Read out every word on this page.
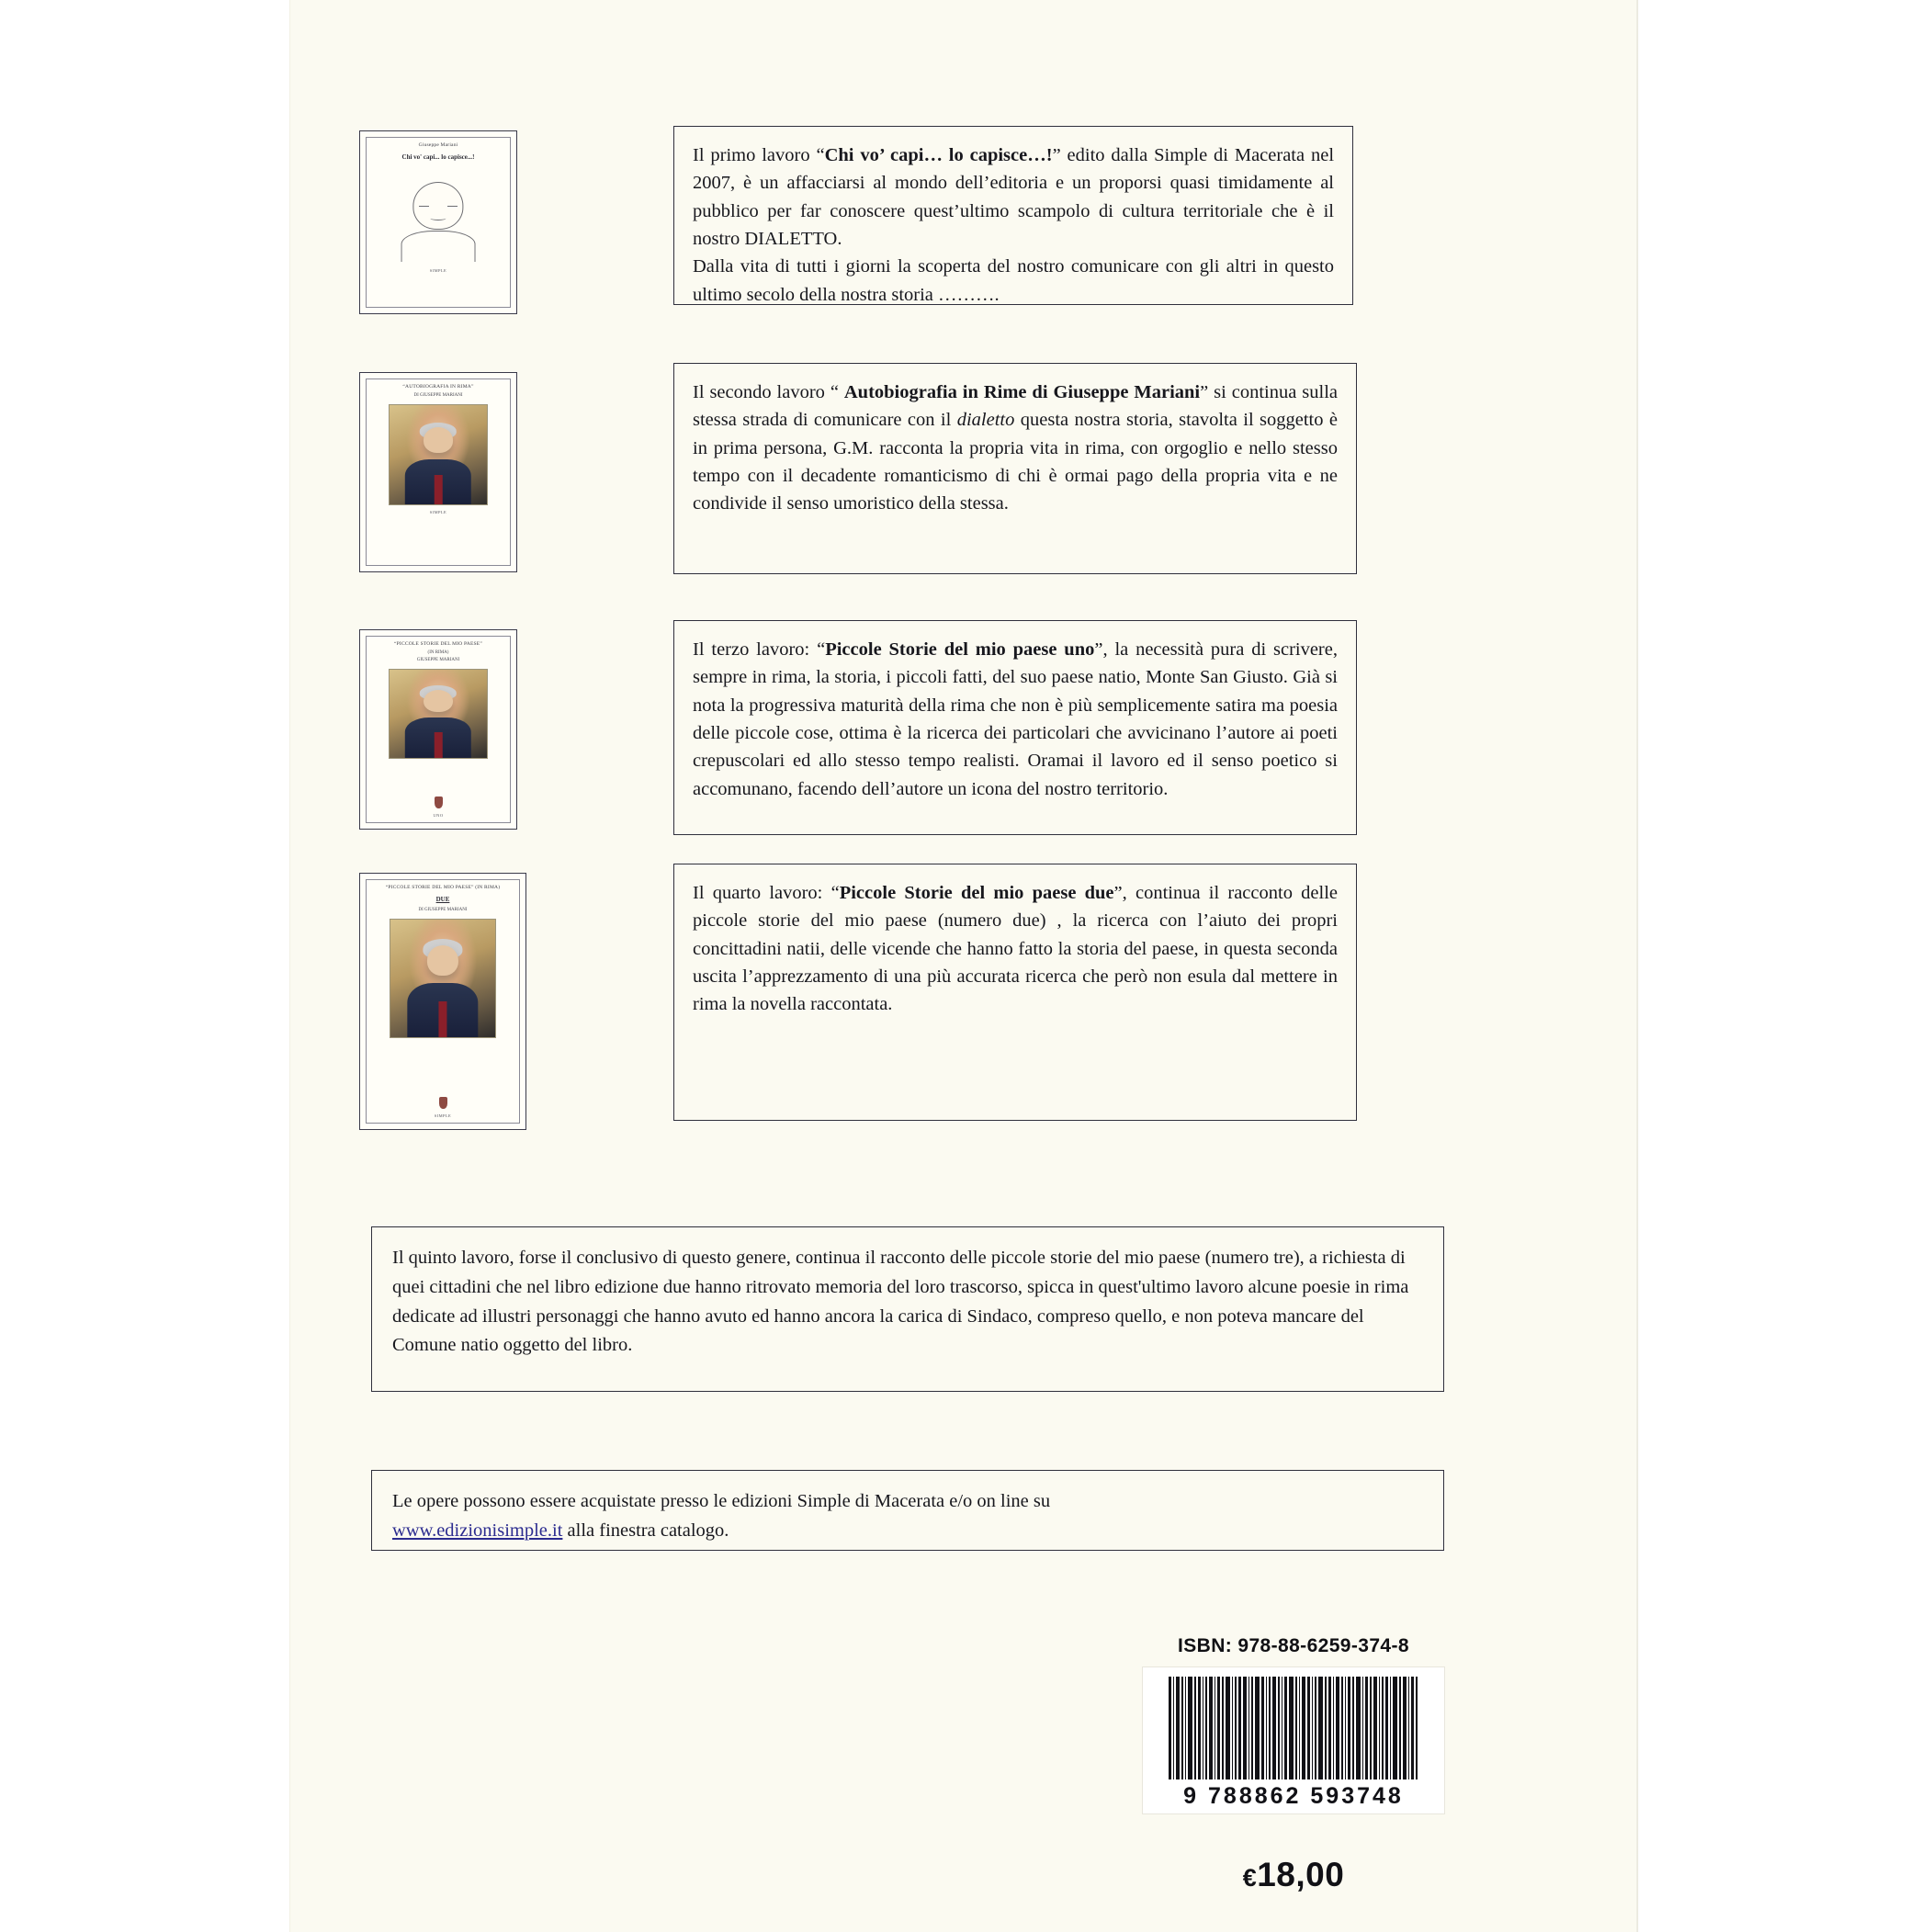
Giuseppe Mariani
Chi vo' capi... lo capisce...!
SIMPLE

Il primo lavoro “Chi vo’ capi… lo capisce…!” edito dalla Simple di Macerata nel 2007, è un affacciarsi al mondo dell’editoria e un proporsi quasi timidamente al pubblico per far conoscere quest’ultimo scampolo di cultura territoriale che è il nostro DIALETTO.
Dalla vita di tutti i giorni la scoperta del nostro comunicare con gli altri in questo ultimo secolo della nostra storia ……….

“AUTOBIOGRAFIA IN RIMA”
DI GIUSEPPE MARIANI
SIMPLE

Il secondo lavoro “ Autobiografia in Rime di Giuseppe Mariani” si continua sulla stessa strada di comunicare con il dialetto questa nostra storia, stavolta il soggetto è in prima persona, G.M. racconta la propria vita in rima, con orgoglio e nello stesso tempo con il decadente romanticismo di chi è ormai pago della propria vita e ne condivide il senso umoristico della stessa.

“PICCOLE STORIE DEL MIO PAESE”
(IN RIMA)
GIUSEPPE MARIANI
UNO

Il terzo lavoro: “Piccole Storie del mio paese uno”, la necessità pura di scrivere, sempre in rima, la storia, i piccoli fatti, del suo paese natio, Monte San Giusto. Già si nota la progressiva maturità della rima che non è più semplicemente satira ma poesia delle piccole cose, ottima è la ricerca dei particolari che avvicinano l’autore ai poeti crepuscolari ed allo stesso tempo realisti. Oramai il lavoro ed il senso poetico si accomunano, facendo dell’autore un icona del nostro territorio.

“PICCOLE STORIE DEL MIO PAESE” (IN RIMA)
DUE
DI GIUSEPPE MARIANI
SIMPLE

Il quarto lavoro: “Piccole Storie del mio paese due”, continua il racconto delle piccole storie del mio paese (numero due) , la ricerca con l’aiuto dei propri concittadini natii, delle vicende che hanno fatto la storia del paese, in questa seconda uscita l’apprezzamento di una più accurata ricerca che però non esula dal mettere in rima la novella raccontata.

Il quinto lavoro, forse il conclusivo di questo genere, continua il racconto delle piccole storie del mio paese (numero tre), a richiesta di quei cittadini che nel libro edizione due hanno ritrovato memoria del loro trascorso, spicca in quest'ultimo lavoro alcune poesie in rima dedicate ad illustri personaggi che hanno avuto ed hanno ancora la carica di Sindaco, compreso quello, e non poteva mancare del Comune natio oggetto del libro.

Le opere possono essere acquistate presso le edizioni Simple di Macerata e/o on line su
www.edizionisimple.it alla finestra catalogo.

ISBN: 978-88-6259-374-8
9 788862 593748
€18,00
